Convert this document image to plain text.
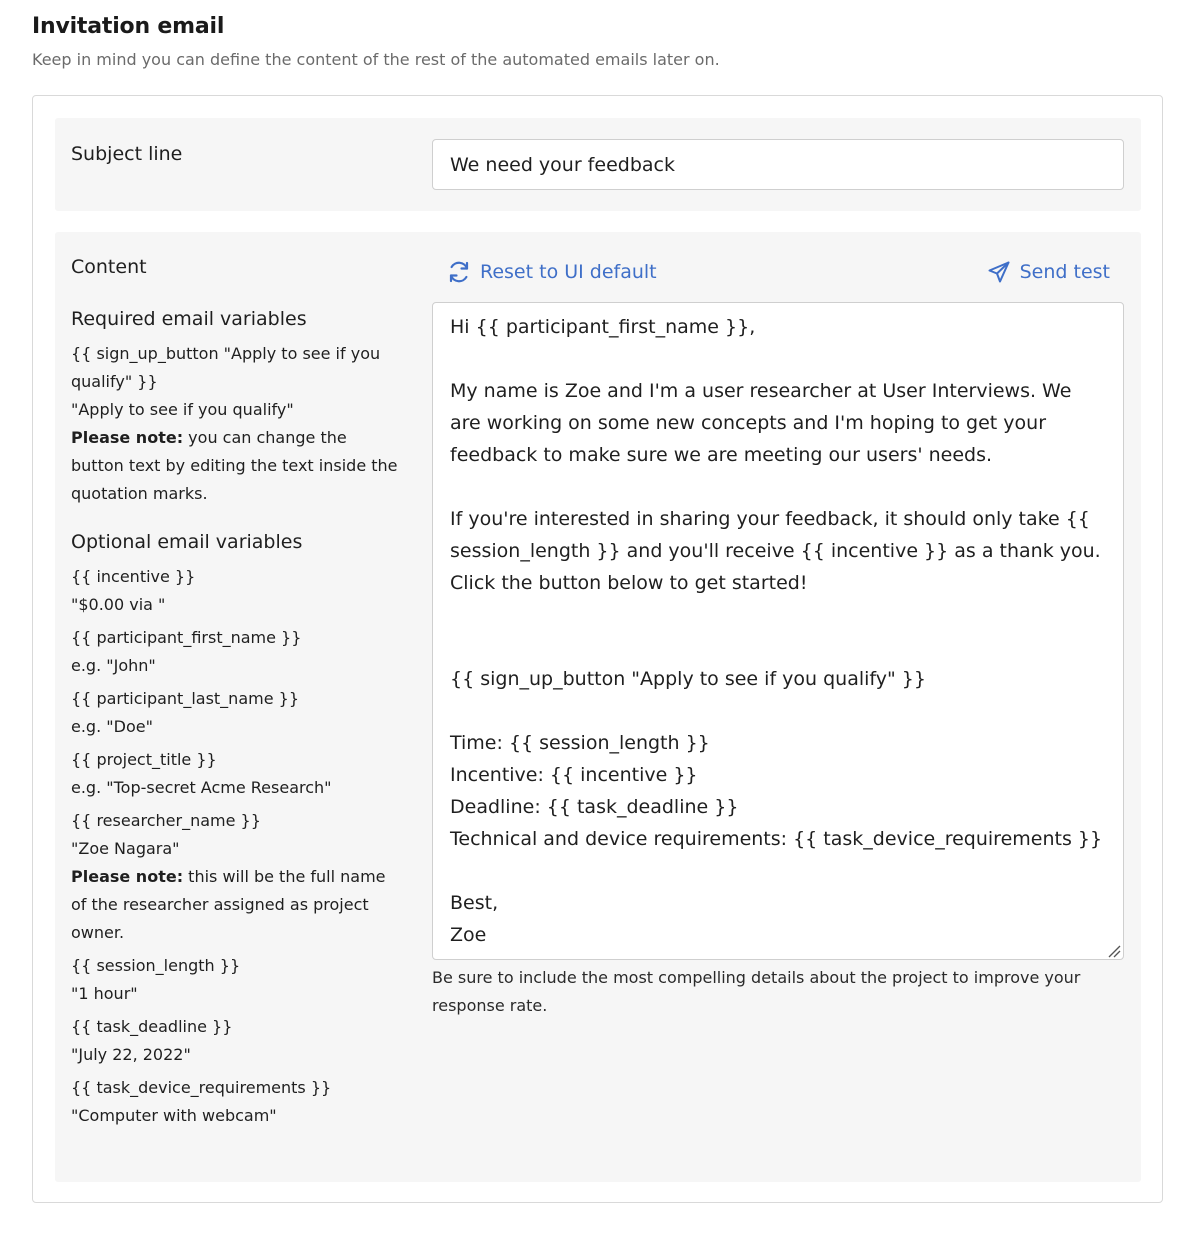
Invitation email
Keep in mind you can define the content of the rest of the automated emails later on.
Subject line
We need your feedback
Content
Required email variables

{{ sign_up_button "Apply to see if you qualify" }}

"Apply to see if you qualify"

Please note: you can change the button text by editing the text inside the quotation marks.

Optional email variables

{{ incentive }}

"$0.00 via "

{{ participant_first_name }}

e.g. "John"

{{ participant_last_name }}

e.g. "Doe"

{{ project_title }}

e.g. "Top-secret Acme Research"

{{ researcher_name }}

"Zoe Nagara"

Please note: this will be the full name of the researcher assigned as project owner.

{{ session_length }}

"1 hour"

{{ task_deadline }}

"July 22, 2022"

{{ task_device_requirements }}

"Computer with webcam"

Reset to UI default	Send test
Hi {{ participant_first_name }},

My name is Zoe and I'm a user researcher at User Interviews. We are working on some new concepts and I'm hoping to get your feedback to make sure we are meeting our users' needs.

If you're interested in sharing your feedback, it should only take {{ session_length }} and you'll receive {{ incentive }} as a thank you. Click the button below to get started!

{{ sign_up_button "Apply to see if you qualify" }}

Time: {{ session_length }}
Incentive: {{ incentive }}
Deadline: {{ task_deadline }}
Technical and device requirements: {{ task_device_requirements }}

Best,
Zoe
Be sure to include the most compelling details about the project to improve your response rate.
